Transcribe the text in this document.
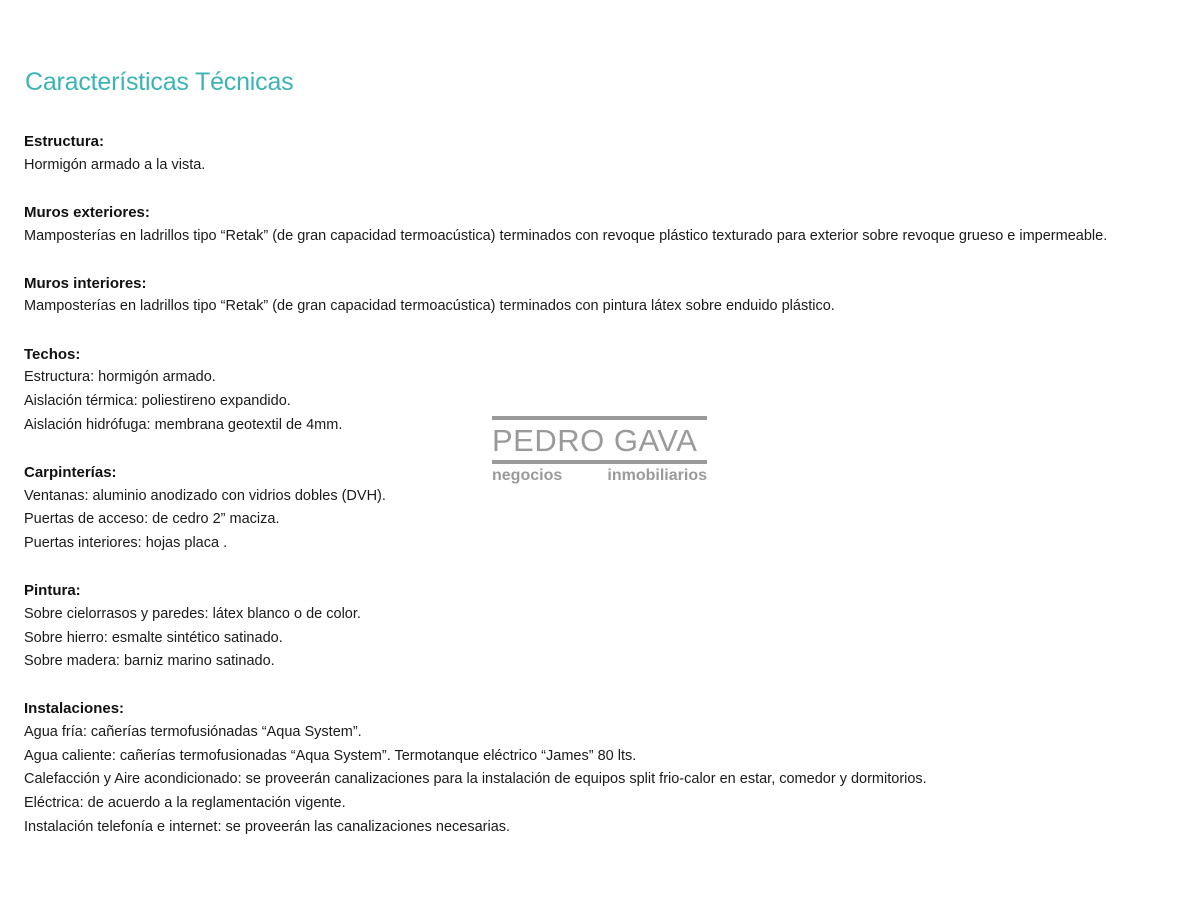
Características Técnicas
Estructura:
Hormigón armado a la vista.
Muros exteriores:
Mamposterías en ladrillos tipo “Retak” (de gran capacidad termoacústica) terminados con revoque plástico texturado para exterior sobre revoque grueso e impermeable.
Muros interiores:
Mamposterías en ladrillos tipo “Retak” (de gran capacidad termoacústica) terminados con pintura látex sobre enduido plástico.
Techos:
Estructura: hormigón armado.
Aislación térmica: poliestireno expandido.
Aislación hidrófuga: membrana geotextil de 4mm.
Carpinterías:
Ventanas: aluminio anodizado con vidrios dobles (DVH).
Puertas de acceso: de cedro 2” maciza.
Puertas interiores: hojas placa .
Pintura:
Sobre cielorrasos y paredes: látex blanco o de color.
Sobre hierro: esmalte sintético satinado.
Sobre madera: barniz marino satinado.
Instalaciones:
Agua fría: cañerías termofusiónadas “Aqua System”.
Agua caliente: cañerías termofusionadas “Aqua System”. Termotanque eléctrico “James” 80 lts.
Calefacción y Aire acondicionado: se proveerán canalizaciones para la instalación de equipos split frio-calor en estar, comedor y dormitorios.
Eléctrica: de acuerdo a la reglamentación vigente.
Instalación telefonía e internet: se proveerán las canalizaciones necesarias.
PEDRO GAVA
negocios	inmobiliarios
